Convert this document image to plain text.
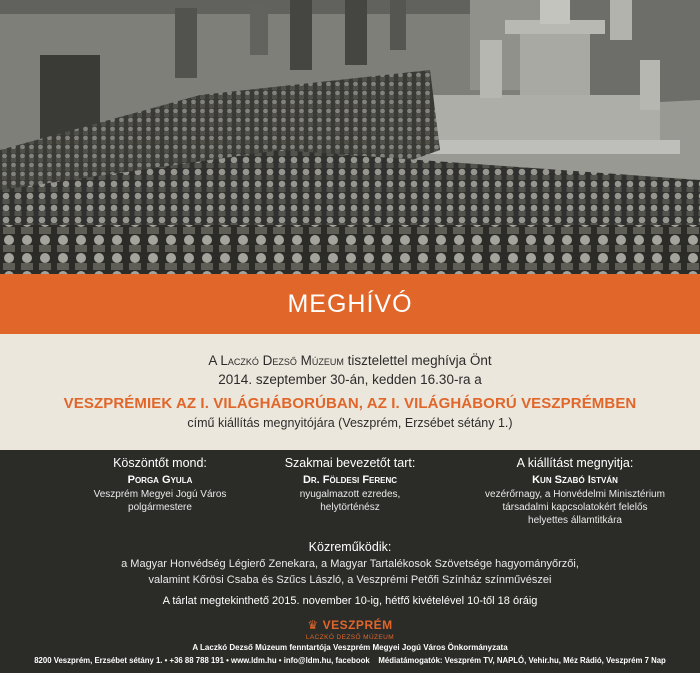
MEGHÍVÓ

A Laczkó Dezső Múzeum tisztelettel meghívja Önt

2014. szeptember 30-án, kedden 16.30-ra a

VESZPRÉMIEK AZ I. VILÁGHÁBORÚBAN, AZ I. VILÁGHÁBORÚ VESZPRÉMBEN

című kiállítás megnyitójára (Veszprém, Erzsébet sétány 1.)

Köszöntőt mond:
Porga Gyula
Veszprém Megyei Jogú Város
polgármestere
Szakmai bevezetőt tart:
Dr. Földesi Ferenc
nyugalmazott ezredes,
helytörténész
A kiállítást megnyitja:
Kun Szabó István
vezérőrnagy, a Honvédelmi Minisztérium
társadalmi kapcsolatokért felelős
helyettes államtitkára
Közreműködik:
a Magyar Honvédség Légierő Zenekara, a Magyar Tartalékosok Szövetsége hagyományőrzői,
valamint Kőrösi Csaba és Szűcs László, a Veszprémi Petőfi Színház színművészei
A tárlat megtekinthető 2015. november 10-ig, hétfő kivételével 10-től 18 óráig
♛ VESZPRÉM
LACZKÓ DEZSŐ MÚZEUM
A Laczkó Dezső Múzeum fenntartója Veszprém Megyei Jogú Város Önkormányzata
8200 Veszprém, Erzsébet sétány 1. • +36 88 788 191 • www.ldm.hu • info@ldm.hu, facebook Médiatámogatók: Veszprém TV, NAPLÓ, Vehir.hu, Méz Rádió, Veszprém 7 Nap
